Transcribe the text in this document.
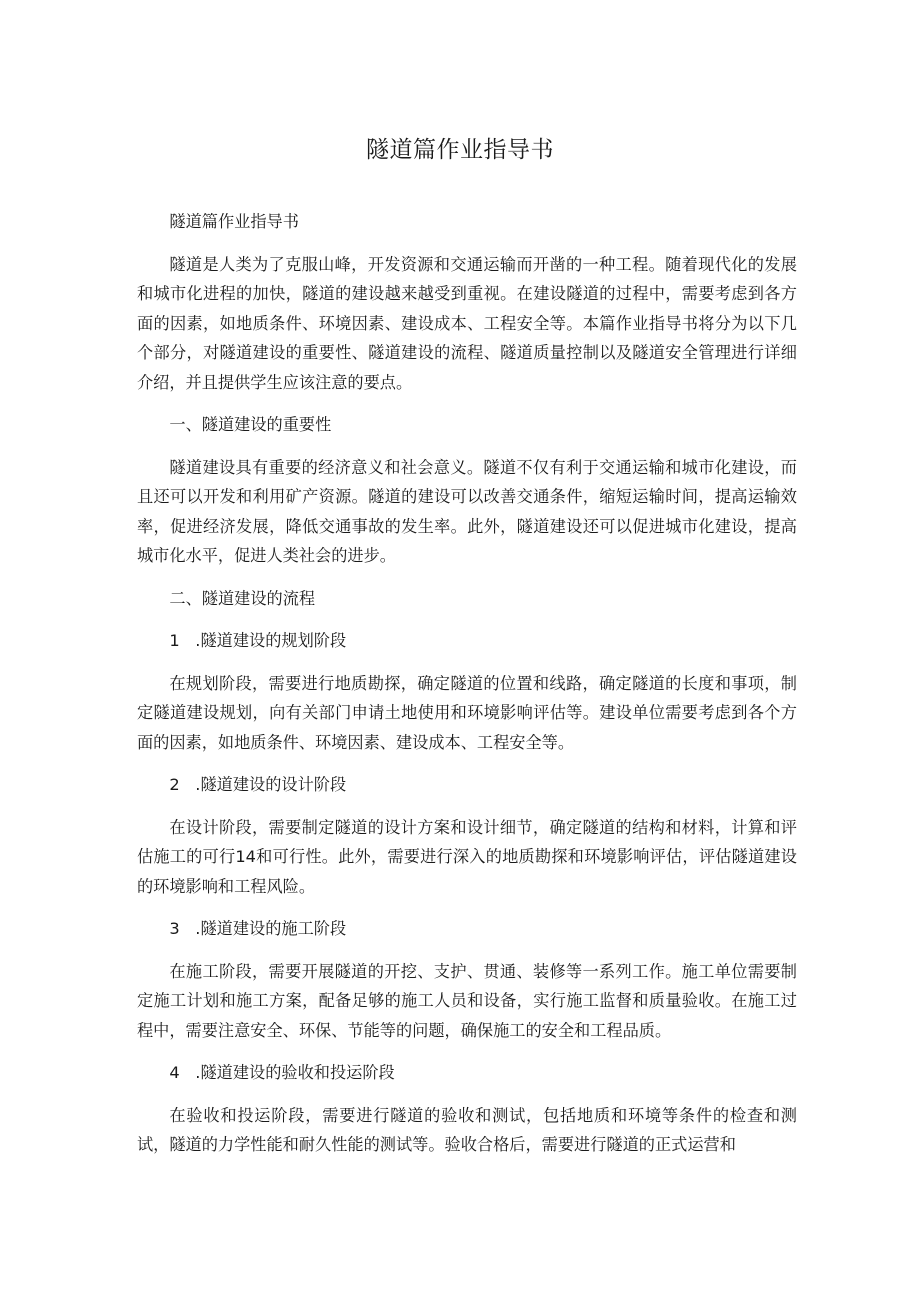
隧道篇作业指导书

隧道篇作业指导书

隧道是人类为了克服山峰，开发资源和交通运输而开凿的一种工程。随着现代化的发展和城市化进程的加快，隧道的建设越来越受到重视。在建设隧道的过程中，需要考虑到各方面的因素，如地质条件、环境因素、建设成本、工程安全等。本篇作业指导书将分为以下几个部分，对隧道建设的重要性、隧道建设的流程、隧道质量控制以及隧道安全管理进行详细介绍，并且提供学生应该注意的要点。

一、隧道建设的重要性

隧道建设具有重要的经济意义和社会意义。隧道不仅有利于交通运输和城市化建设，而且还可以开发和利用矿产资源。隧道的建设可以改善交通条件，缩短运输时间，提高运输效率，促进经济发展，降低交通事故的发生率。此外，隧道建设还可以促进城市化建设，提高城市化水平，促进人类社会的进步。

二、隧道建设的流程

1 .隧道建设的规划阶段

在规划阶段，需要进行地质勘探，确定隧道的位置和线路，确定隧道的长度和事项，制定隧道建设规划，向有关部门申请土地使用和环境影响评估等。建设单位需要考虑到各个方面的因素，如地质条件、环境因素、建设成本、工程安全等。

2 .隧道建设的设计阶段

在设计阶段，需要制定隧道的设计方案和设计细节，确定隧道的结构和材料，计算和评估施工的可行14和可行性。此外，需要进行深入的地质勘探和环境影响评估，评估隧道建设的环境影响和工程风险。

3 .隧道建设的施工阶段

在施工阶段，需要开展隧道的开挖、支护、贯通、装修等一系列工作。施工单位需要制定施工计划和施工方案，配备足够的施工人员和设备，实行施工监督和质量验收。在施工过程中，需要注意安全、环保、节能等的问题，确保施工的安全和工程品质。

4 .隧道建设的验收和投运阶段

在验收和投运阶段，需要进行隧道的验收和测试，包括地质和环境等条件的检查和测试，隧道的力学性能和耐久性能的测试等。验收合格后，需要进行隧道的正式运营和
